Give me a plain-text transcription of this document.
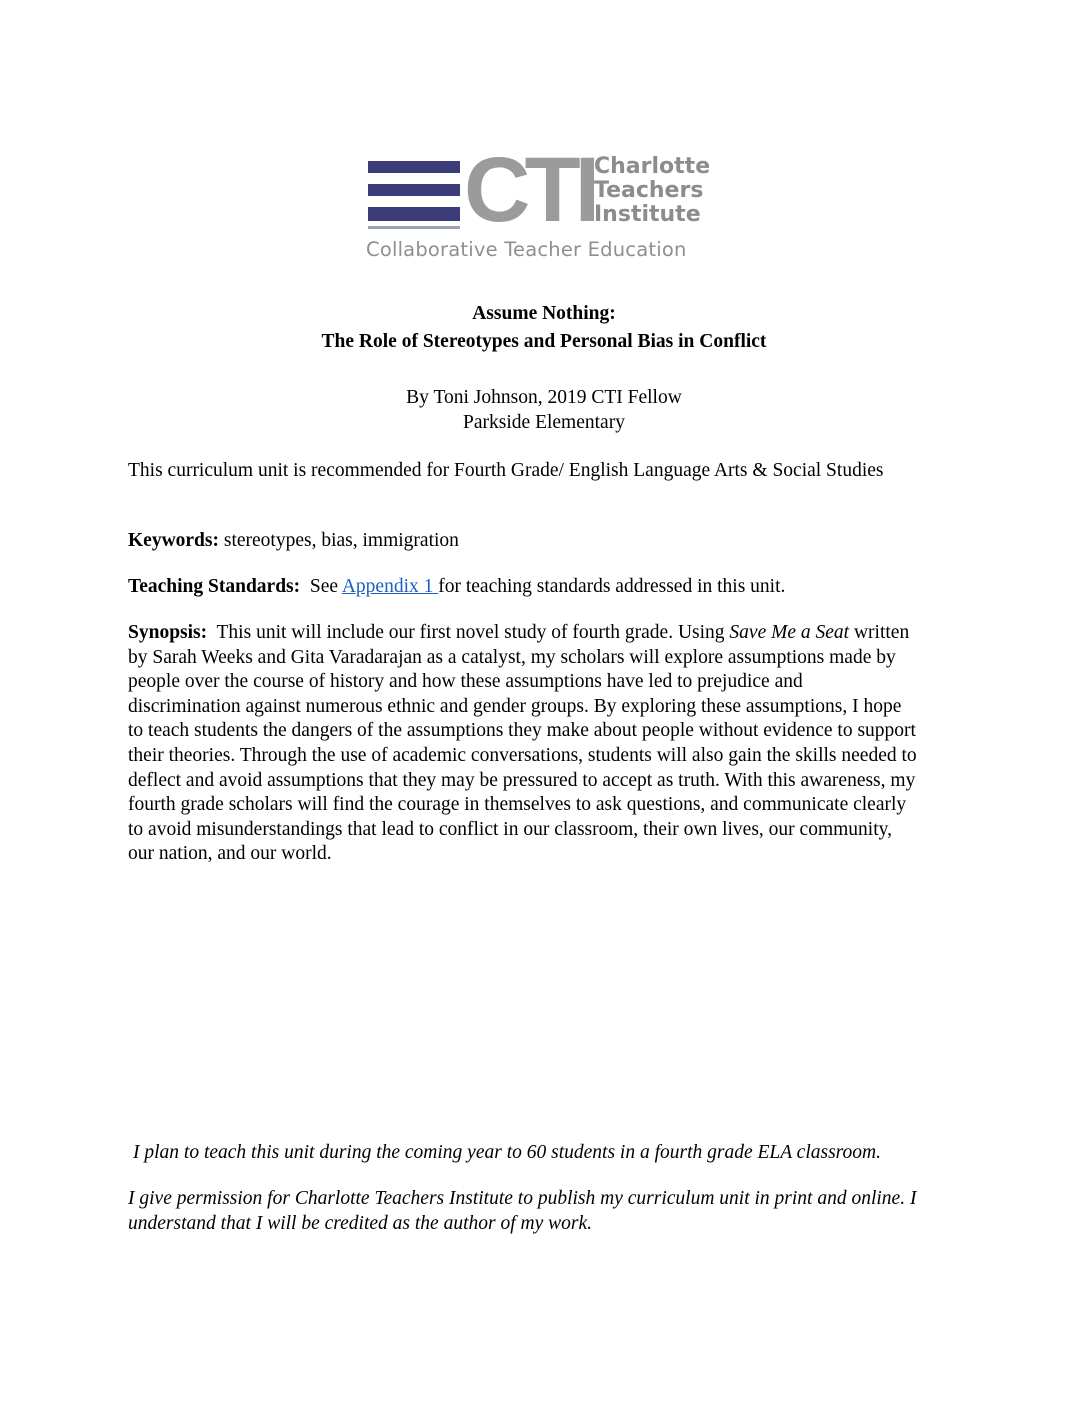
CTI Charlotte
Teachers
Institute
Collaborative Teacher Education
Assume Nothing:
The Role of Stereotypes and Personal Bias in Conflict
By Toni Johnson, 2019 CTI Fellow
Parkside Elementary
This curriculum unit is recommended for Fourth Grade/ English Language Arts & Social Studies
Keywords: stereotypes, bias, immigration
Teaching Standards:  See Appendix 1 for teaching standards addressed in this unit.
Synopsis:  This unit will include our first novel study of fourth grade. Using Save Me a Seat written by Sarah Weeks and Gita Varadarajan as a catalyst, my scholars will explore assumptions made by people over the course of history and how these assumptions have led to prejudice and discrimination against numerous ethnic and gender groups. By exploring these assumptions, I hope to teach students the dangers of the assumptions they make about people without evidence to support their theories. Through the use of academic conversations, students will also gain the skills needed to deflect and avoid assumptions that they may be pressured to accept as truth. With this awareness, my fourth grade scholars will find the courage in themselves to ask questions, and communicate clearly to avoid misunderstandings that lead to conflict in our classroom, their own lives, our community, our nation, and our world.
I plan to teach this unit during the coming year to 60 students in a fourth grade ELA classroom.
I give permission for Charlotte Teachers Institute to publish my curriculum unit in print and online. I understand that I will be credited as the author of my work.
